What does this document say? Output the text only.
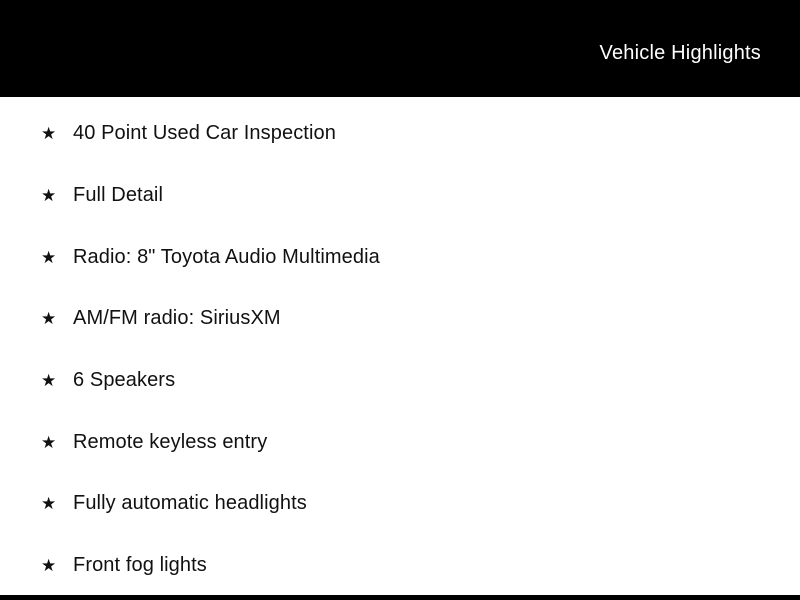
Vehicle Highlights
★ 40 Point Used Car Inspection
★ Full Detail
★ Radio: 8" Toyota Audio Multimedia
★ AM/FM radio: SiriusXM
★ 6 Speakers
★ Remote keyless entry
★ Fully automatic headlights
★ Front fog lights
